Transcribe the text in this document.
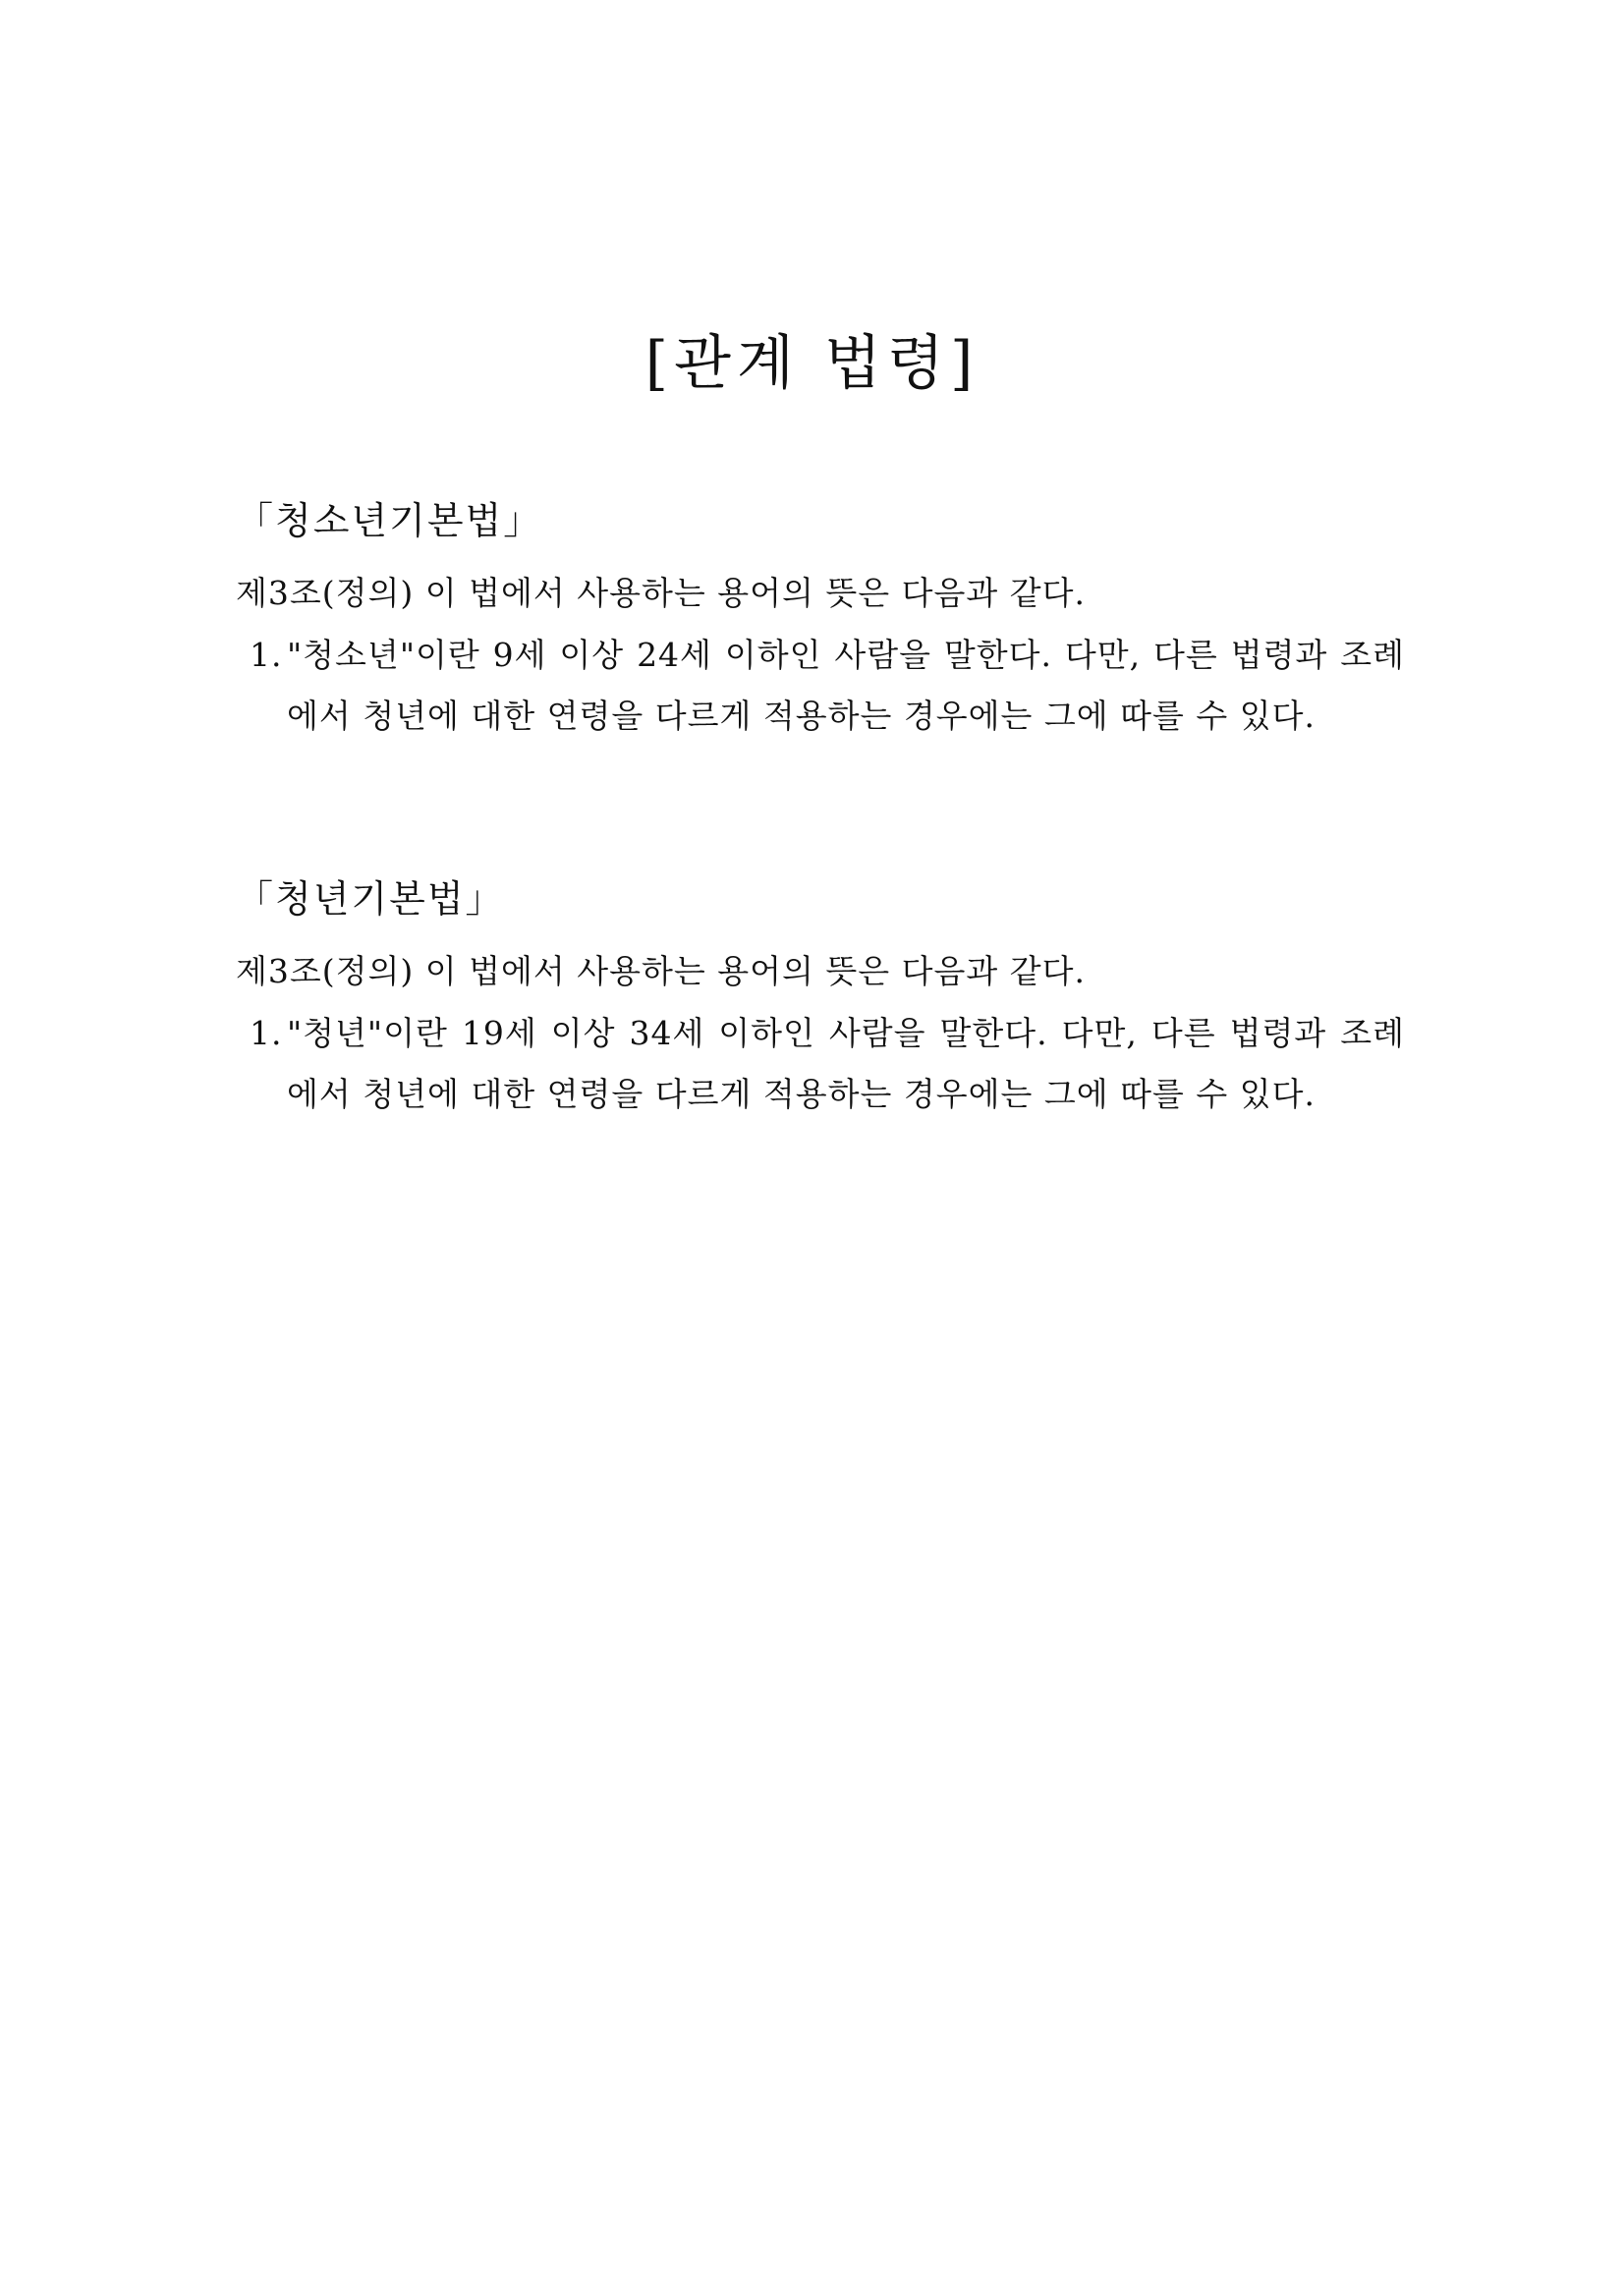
[관계 법령]
「청소년기본법」
제3조(정의) 이 법에서 사용하는 용어의 뜻은 다음과 같다.
1. "청소년"이란 9세 이상 24세 이하인 사람을 말한다. 다만, 다른 법령과 조례에서 청년에 대한 연령을 다르게 적용하는 경우에는 그에 따를 수 있다.
「청년기본법」
제3조(정의) 이 법에서 사용하는 용어의 뜻은 다음과 같다.
1. "청년"이란 19세 이상 34세 이하인 사람을 말한다. 다만, 다른 법령과 조례에서 청년에 대한 연령을 다르게 적용하는 경우에는 그에 따를 수 있다.
